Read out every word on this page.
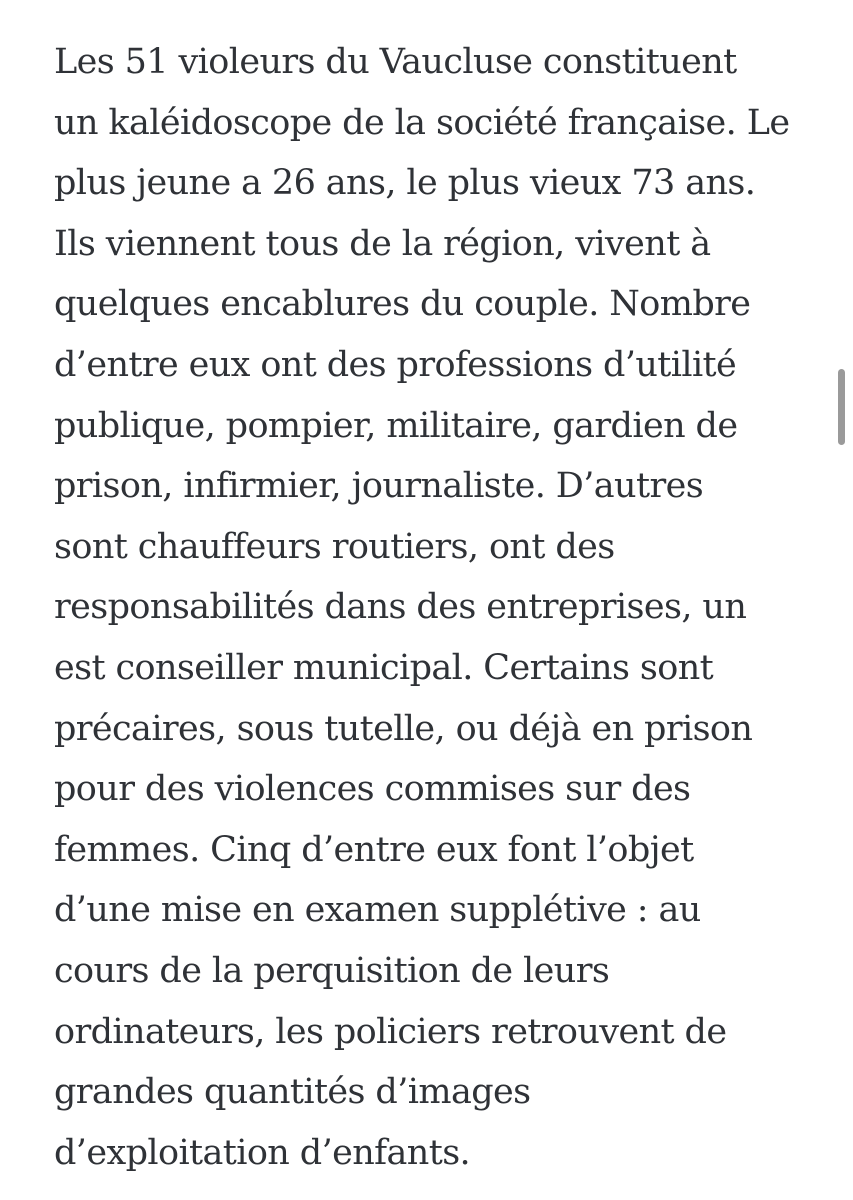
Les 51 violeurs du Vaucluse constituent
un kaléidoscope de la société française. Le
plus jeune a 26 ans, le plus vieux 73 ans.
Ils viennent tous de la région, vivent à
quelques encablures du couple. Nombre
d’entre eux ont des professions d’utilité
publique, pompier, militaire, gardien de
prison, infirmier, journaliste. D’autres
sont chauffeurs routiers, ont des
responsabilités dans des entreprises, un
est conseiller municipal. Certains sont
précaires, sous tutelle, ou déjà en prison
pour des violences commises sur des
femmes. Cinq d’entre eux font l’objet
d’une mise en examen supplétive : au
cours de la perquisition de leurs
ordinateurs, les policiers retrouvent de
grandes quantités d’images
d’exploitation d’enfants.
